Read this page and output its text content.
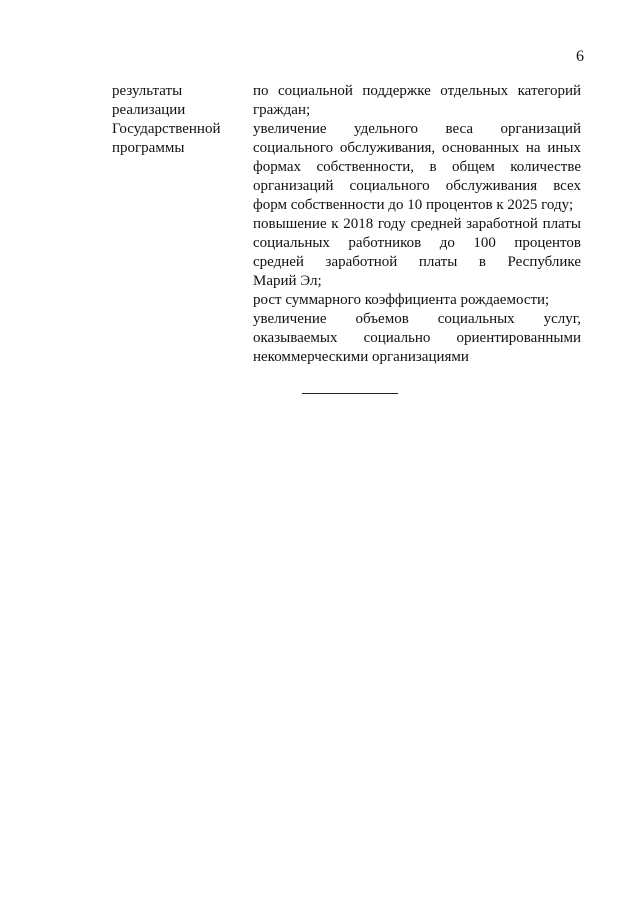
6
результаты
реализации
Государственной
программы
по социальной поддержке отдельных категорий
граждан;
увеличение удельного веса организаций
социального обслуживания, основанных на иных
формах собственности, в общем количестве
организаций социального обслуживания всех
форм собственности до 10 процентов к 2025 году;
повышение к 2018 году средней заработной платы
социальных работников до 100 процентов
средней заработной платы в Республике
Марий Эл;
рост суммарного коэффициента рождаемости;
увеличение объемов социальных услуг,
оказываемых социально ориентированными
некоммерческими организациями
